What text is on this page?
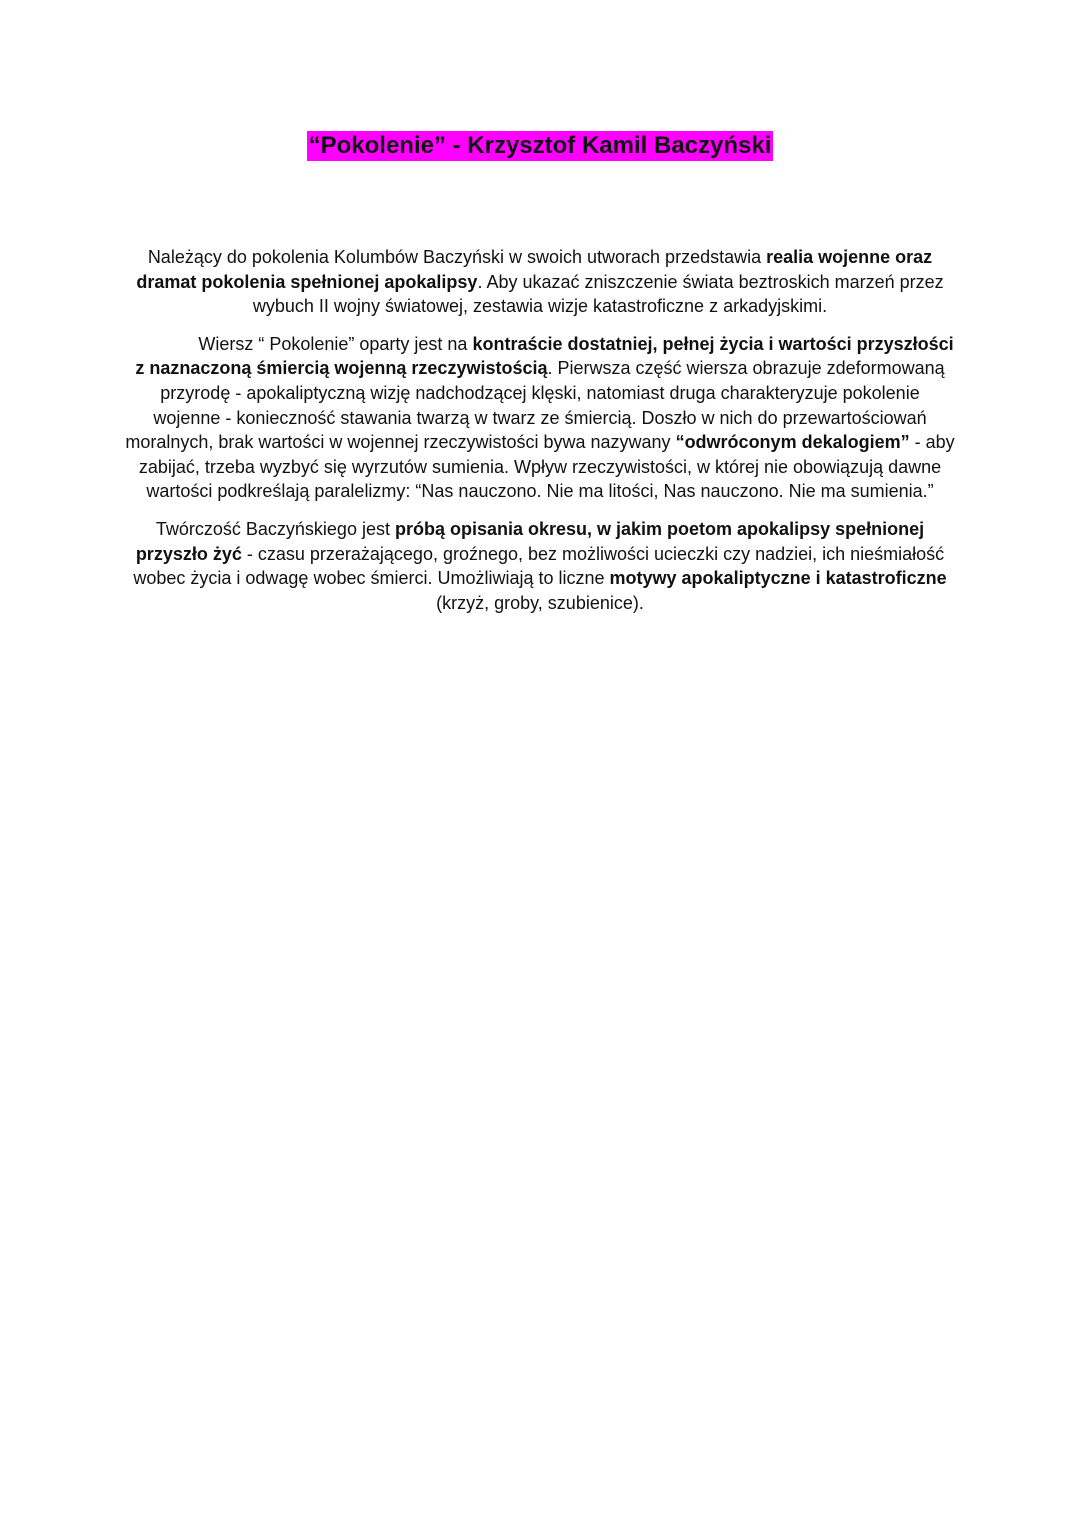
“Pokolenie” - Krzysztof Kamil Baczyński

Należący do pokolenia Kolumbów Baczyński w swoich utworach przedstawia realia wojenne oraz dramat pokolenia spełnionej apokalipsy. Aby ukazać zniszczenie świata beztroskich marzeń przez wybuch II wojny światowej, zestawia wizje katastroficzne z arkadyjskimi.

Wiersz “ Pokolenie” oparty jest na kontraście dostatniej, pełnej życia i wartości przyszłości z naznaczoną śmiercią wojenną rzeczywistością. Pierwsza część wiersza obrazuje zdeformowaną przyrodę - apokaliptyczną wizję nadchodzącej klęski, natomiast druga charakteryzuje pokolenie wojenne - konieczność stawania twarzą w twarz ze śmiercią. Doszło w nich do przewartościowań moralnych, brak wartości w wojennej rzeczywistości bywa nazywany “odwróconym dekalogiem” - aby zabijać, trzeba wyzbyć się wyrzutów sumienia. Wpływ rzeczywistości, w której nie obowiązują dawne wartości podkreślają paralelizmy: “Nas nauczono. Nie ma litości, Nas nauczono. Nie ma sumienia.”

Twórczość Baczyńskiego jest próbą opisania okresu, w jakim poetom apokalipsy spełnionej przyszło żyć - czasu przerażającego, groźnego, bez możliwości ucieczki czy nadziei, ich nieśmiałość wobec życia i odwagę wobec śmierci. Umożliwiają to liczne motywy apokaliptyczne i katastroficzne (krzyż, groby, szubienice).
